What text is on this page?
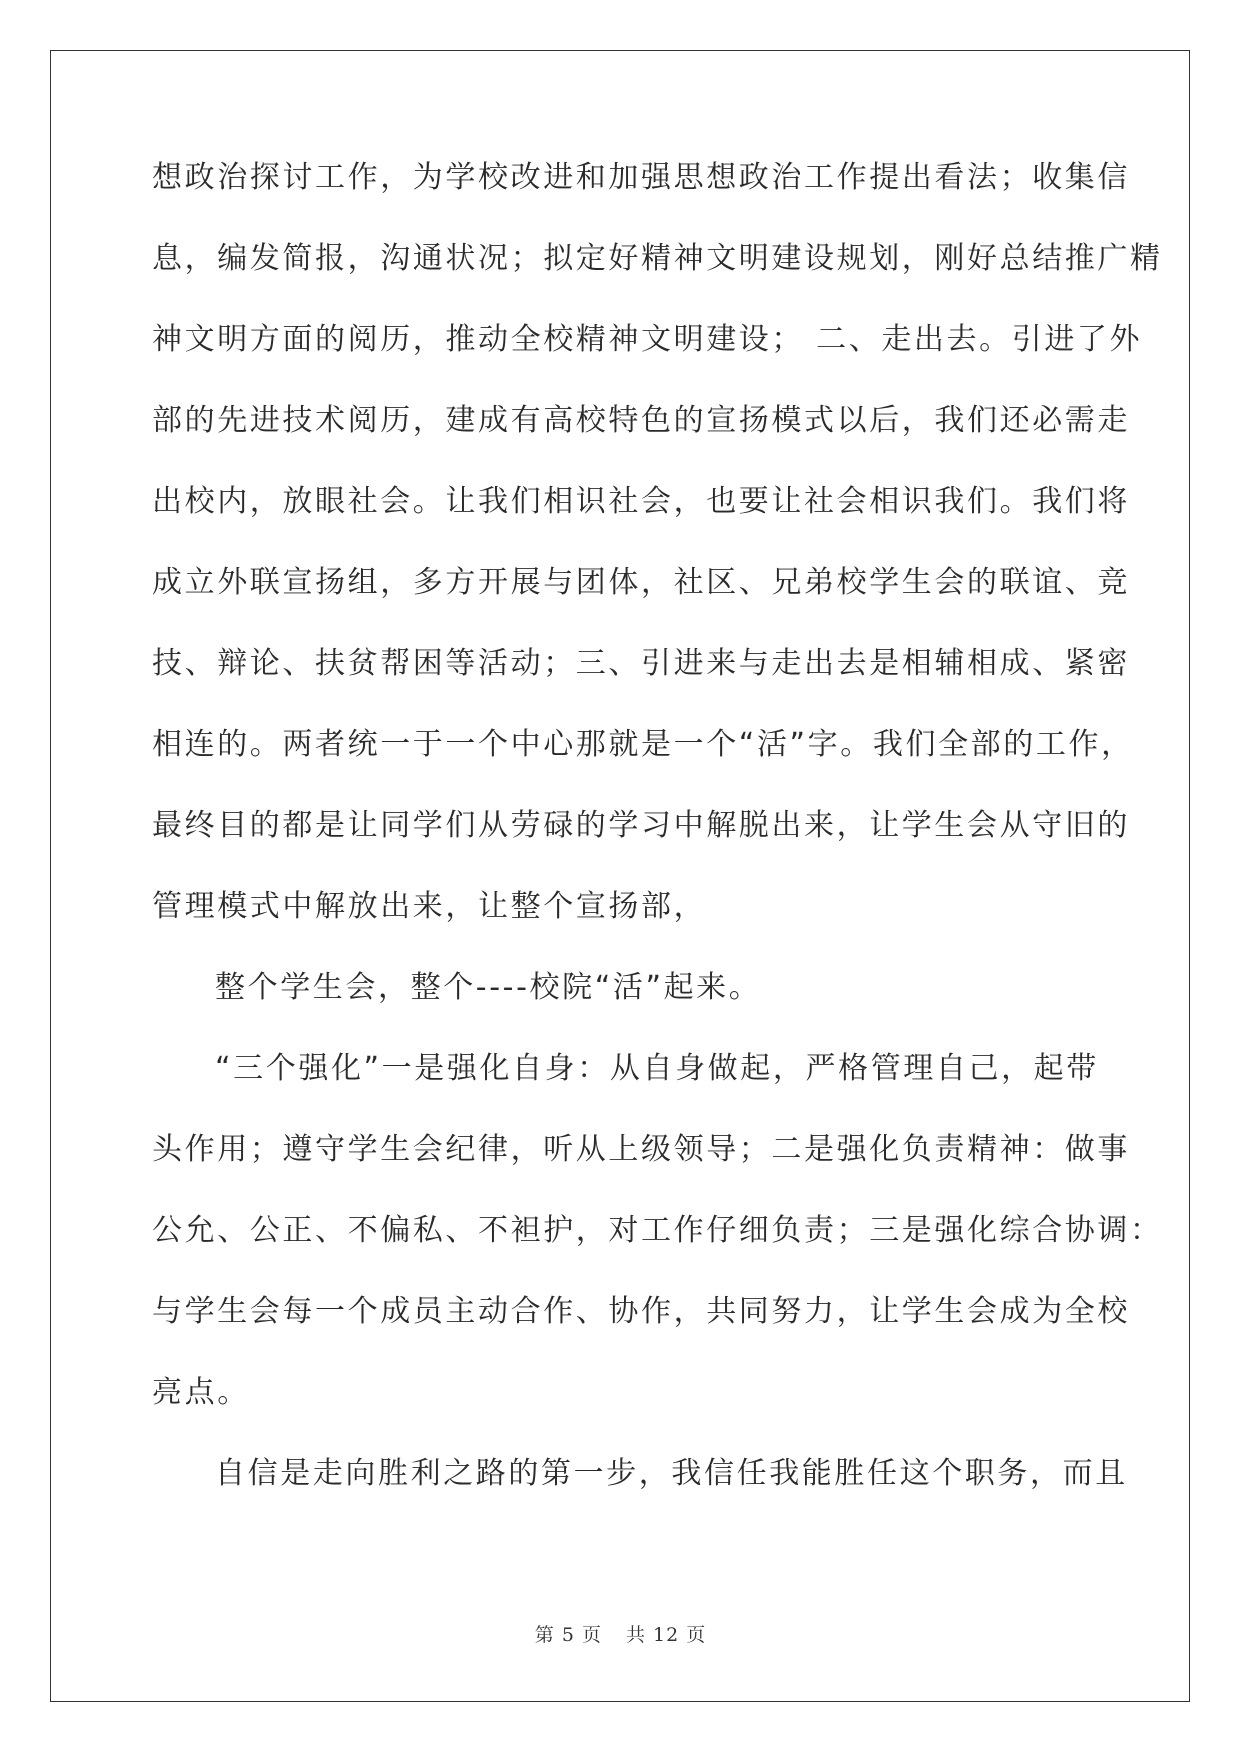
想政治探讨工作，为学校改进和加强思想政治工作提出看法；收集信
息，编发简报，沟通状况；拟定好精神文明建设规划，刚好总结推广精
神文明方面的阅历，推动全校精神文明建设； 二、走出去。引进了外
部的先进技术阅历，建成有高校特色的宣扬模式以后，我们还必需走
出校内，放眼社会。让我们相识社会，也要让社会相识我们。我们将
成立外联宣扬组，多方开展与团体，社区、兄弟校学生会的联谊、竞
技、辩论、扶贫帮困等活动；三、引进来与走出去是相辅相成、紧密
相连的。两者统一于一个中心那就是一个“活”字。我们全部的工作，
最终目的都是让同学们从劳碌的学习中解脱出来，让学生会从守旧的
管理模式中解放出来，让整个宣扬部，
整个学生会，整个----校院“活”起来。
“三个强化”一是强化自身：从自身做起，严格管理自己，起带
头作用；遵守学生会纪律，听从上级领导；二是强化负责精神：做事
公允、公正、不偏私、不袒护，对工作仔细负责；三是强化综合协调：
与学生会每一个成员主动合作、协作，共同努力，让学生会成为全校
亮点。
自信是走向胜利之路的第一步，我信任我能胜任这个职务，而且
第 5 页 共 12 页
